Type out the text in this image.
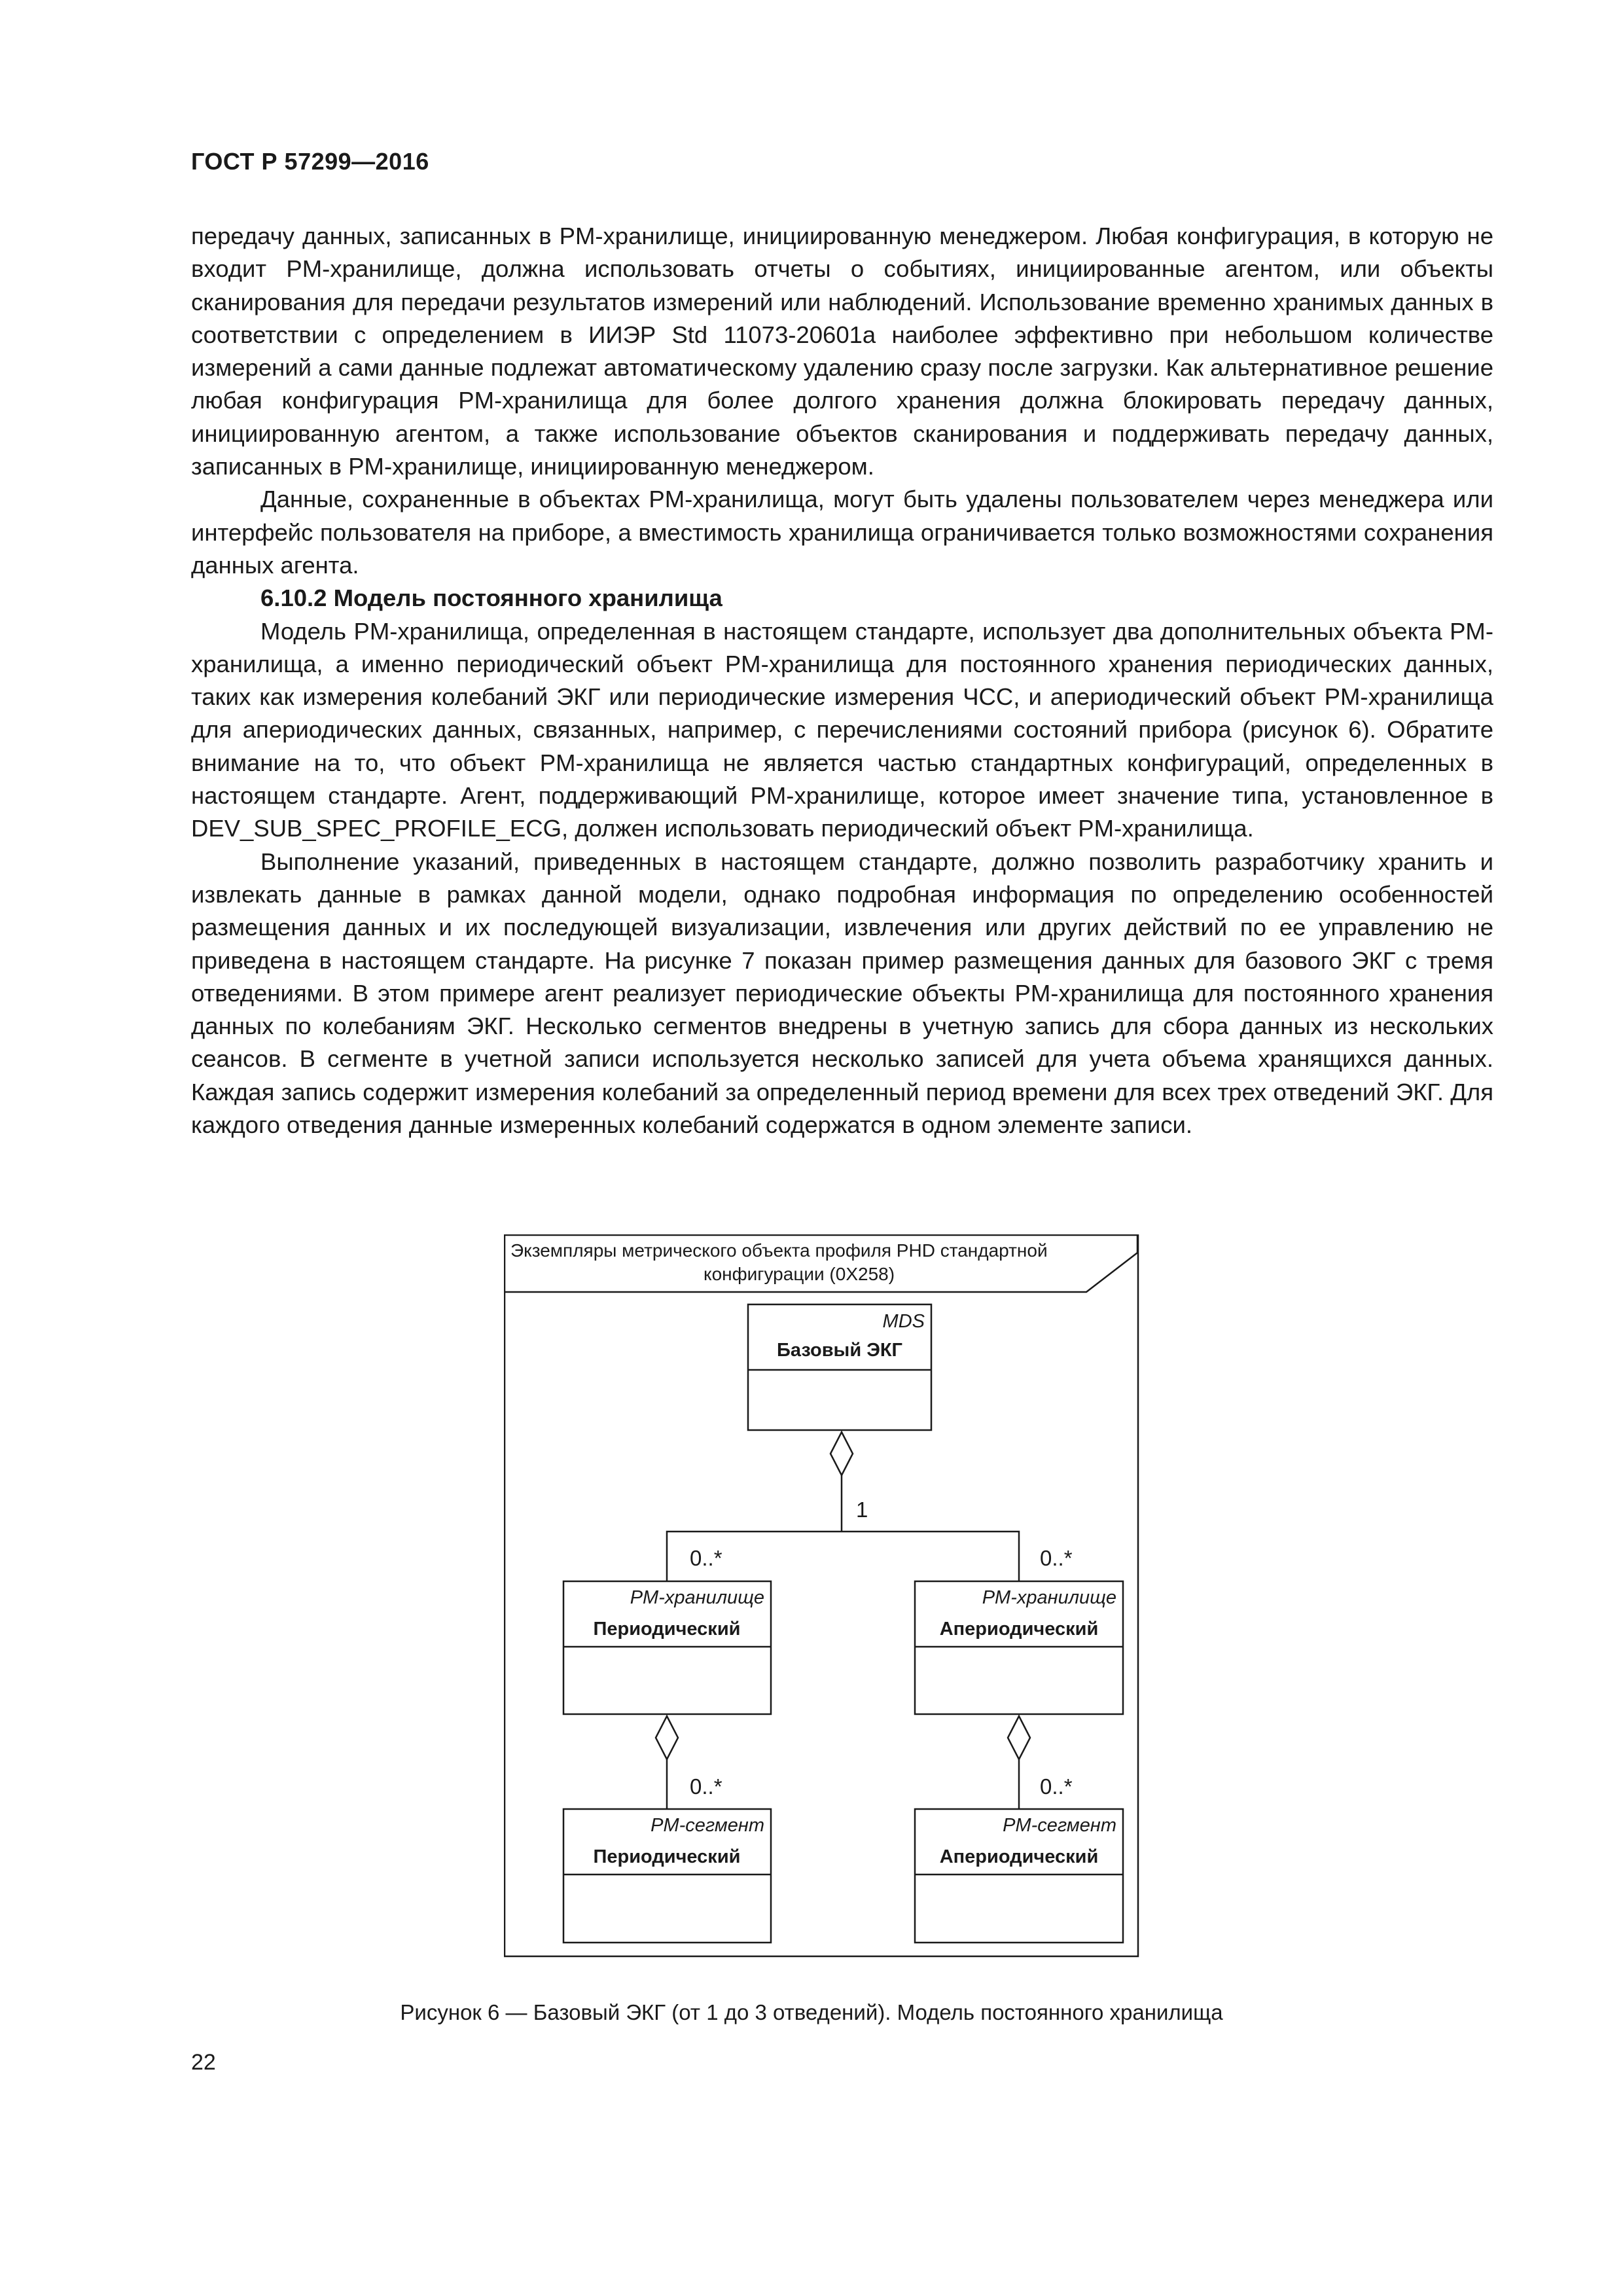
ГОСТ Р 57299—2016

передачу данных, записанных в PM-хранилище, инициированную менеджером. Любая конфигурация, в которую не входит PM-хранилище, должна использовать отчеты о событиях, инициированные агентом, или объекты сканирования для передачи результатов измерений или наблюдений. Использование временно хранимых данных в соответствии с определением в ИИЭР Std 11073-20601a наиболее эффективно при небольшом количестве измерений а сами данные подлежат автоматическому удалению сразу после загрузки. Как альтернативное решение любая конфигурация PM-хранилища для более долгого хранения должна блокировать передачу данных, инициированную агентом, а также использование объектов сканирования и поддерживать передачу данных, записанных в PM-хранилище, инициированную менеджером.

Данные, сохраненные в объектах PM-хранилища, могут быть удалены пользователем через менеджера или интерфейс пользователя на приборе, а вместимость хранилища ограничивается только возможностями сохранения данных агента.

6.10.2 Модель постоянного хранилища

Модель PM-хранилища, определенная в настоящем стандарте, использует два дополнительных объекта PM-хранилища, а именно периодический объект PM-хранилища для постоянного хранения периодических данных, таких как измерения колебаний ЭКГ или периодические измерения ЧСС, и апериодический объект PM-хранилища для апериодических данных, связанных, например, с перечислениями состояний прибора (рисунок 6). Обратите внимание на то, что объект PM-хранилища не является частью стандартных конфигураций, определенных в настоящем стандарте. Агент, поддерживающий PM-хранилище, которое имеет значение типа, установленное в DEV_SUB_SPEC_PROFILE_ECG, должен использовать периодический объект PM-хранилища.

Выполнение указаний, приведенных в настоящем стандарте, должно позволить разработчику хранить и извлекать данные в рамках данной модели, однако подробная информация по определению особенностей размещения данных и их последующей визуализации, извлечения или других действий по ее управлению не приведена в настоящем стандарте. На рисунке 7 показан пример размещения данных для базового ЭКГ с тремя отведениями. В этом примере агент реализует периодические объекты PM-хранилища для постоянного хранения данных по колебаниям ЭКГ. Несколько сегментов внедрены в учетную запись для сбора данных из нескольких сеансов. В сегменте в учетной записи используется несколько записей для учета объема хранящихся данных. Каждая запись содержит измерения колебаний за определенный период времени для всех трех отведений ЭКГ. Для каждого отведения данные измеренных колебаний содержатся в одном элементе записи.

Экземпляры метрического объекта профиля PHD стандартной
конфигурации (0X258)
MDS
Базовый ЭКГ
1
0..*	0..*
PM-хранилище
Периодический
PM-хранилище
Апериодический
0..*	0..*
PM-сегмент
Периодический
PM-сегмент
Апериодический
Рисунок 6 — Базовый ЭКГ (от 1 до 3 отведений). Модель постоянного хранилища
22
